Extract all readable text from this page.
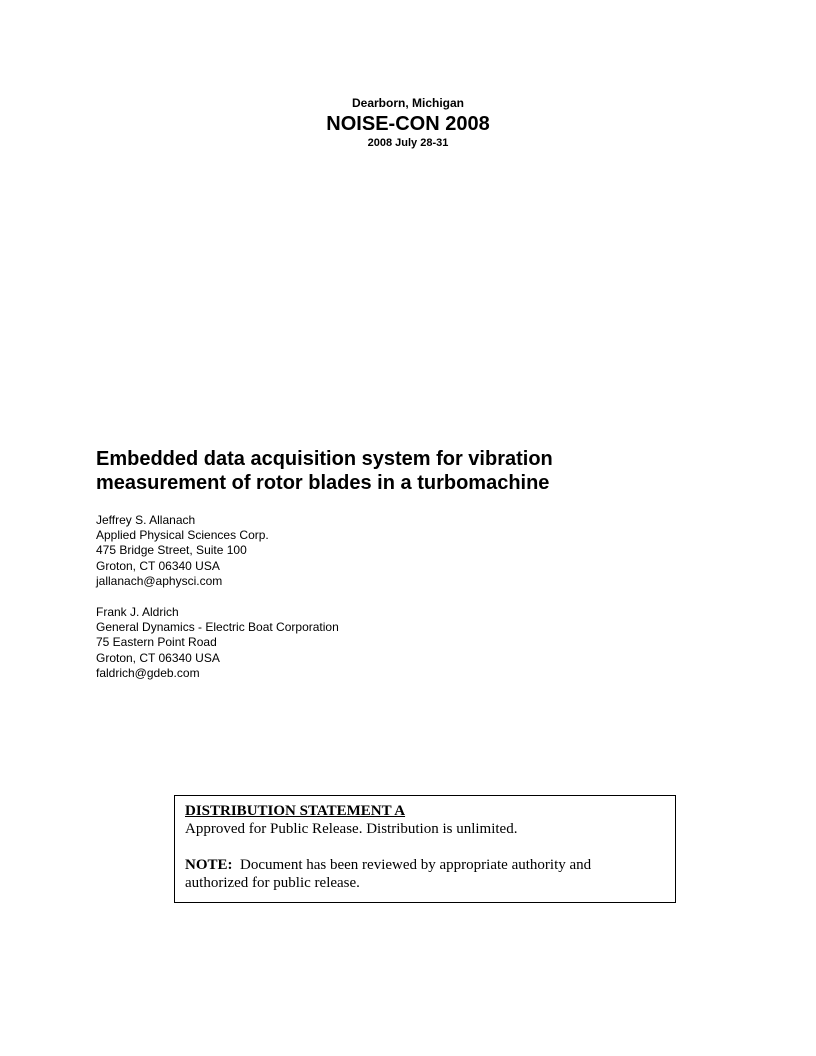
Dearborn, Michigan
NOISE-CON 2008
2008 July 28-31
Embedded data acquisition system for vibration
measurement of rotor blades in a turbomachine
Jeffrey S. Allanach
Applied Physical Sciences Corp.
475 Bridge Street, Suite 100
Groton, CT 06340 USA
jallanach@aphysci.com
Frank J. Aldrich
General Dynamics - Electric Boat Corporation
75 Eastern Point Road
Groton, CT 06340 USA
faldrich@gdeb.com
DISTRIBUTION STATEMENT A
Approved for Public Release. Distribution is unlimited.
NOTE:  Document has been reviewed by appropriate authority and
authorized for public release.
